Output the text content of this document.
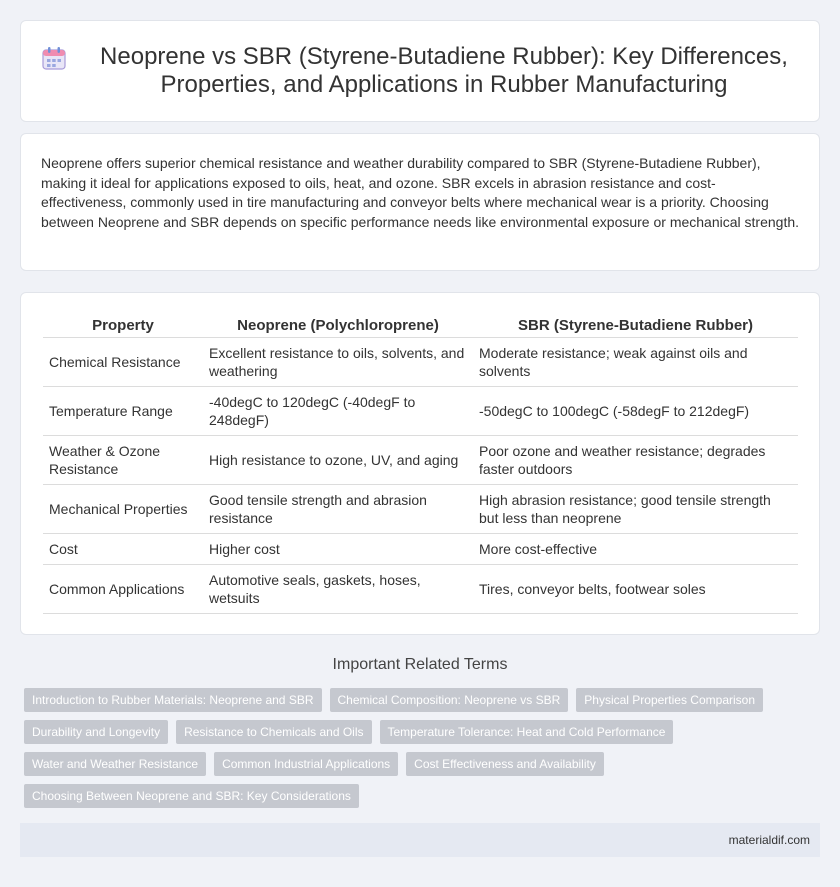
Neoprene vs SBR (Styrene-Butadiene Rubber): Key Differences, Properties, and Applications in Rubber Manufacturing

Neoprene offers superior chemical resistance and weather durability compared to SBR (Styrene-Butadiene Rubber), making it ideal for applications exposed to oils, heat, and ozone. SBR excels in abrasion resistance and cost-effectiveness, commonly used in tire manufacturing and conveyor belts where mechanical wear is a priority. Choosing between Neoprene and SBR depends on specific performance needs like environmental exposure or mechanical strength.

Property	Neoprene (Polychloroprene)	SBR (Styrene-Butadiene Rubber)
Chemical Resistance	Excellent resistance to oils, solvents, and weathering	Moderate resistance; weak against oils and solvents
Temperature Range	-40degC to 120degC (-40degF to 248degF)	-50degC to 100degC (-58degF to 212degF)
Weather & Ozone Resistance	High resistance to ozone, UV, and aging	Poor ozone and weather resistance; degrades faster outdoors
Mechanical Properties	Good tensile strength and abrasion resistance	High abrasion resistance; good tensile strength but less than neoprene
Cost	Higher cost	More cost-effective
Common Applications	Automotive seals, gaskets, hoses, wetsuits	Tires, conveyor belts, footwear soles
Important Related Terms
Introduction to Rubber Materials: Neoprene and SBR	Chemical Composition: Neoprene vs SBR	Physical Properties Comparison
Durability and Longevity	Resistance to Chemicals and Oils	Temperature Tolerance: Heat and Cold Performance
Water and Weather Resistance	Common Industrial Applications	Cost Effectiveness and Availability
Choosing Between Neoprene and SBR: Key Considerations
materialdif.com
